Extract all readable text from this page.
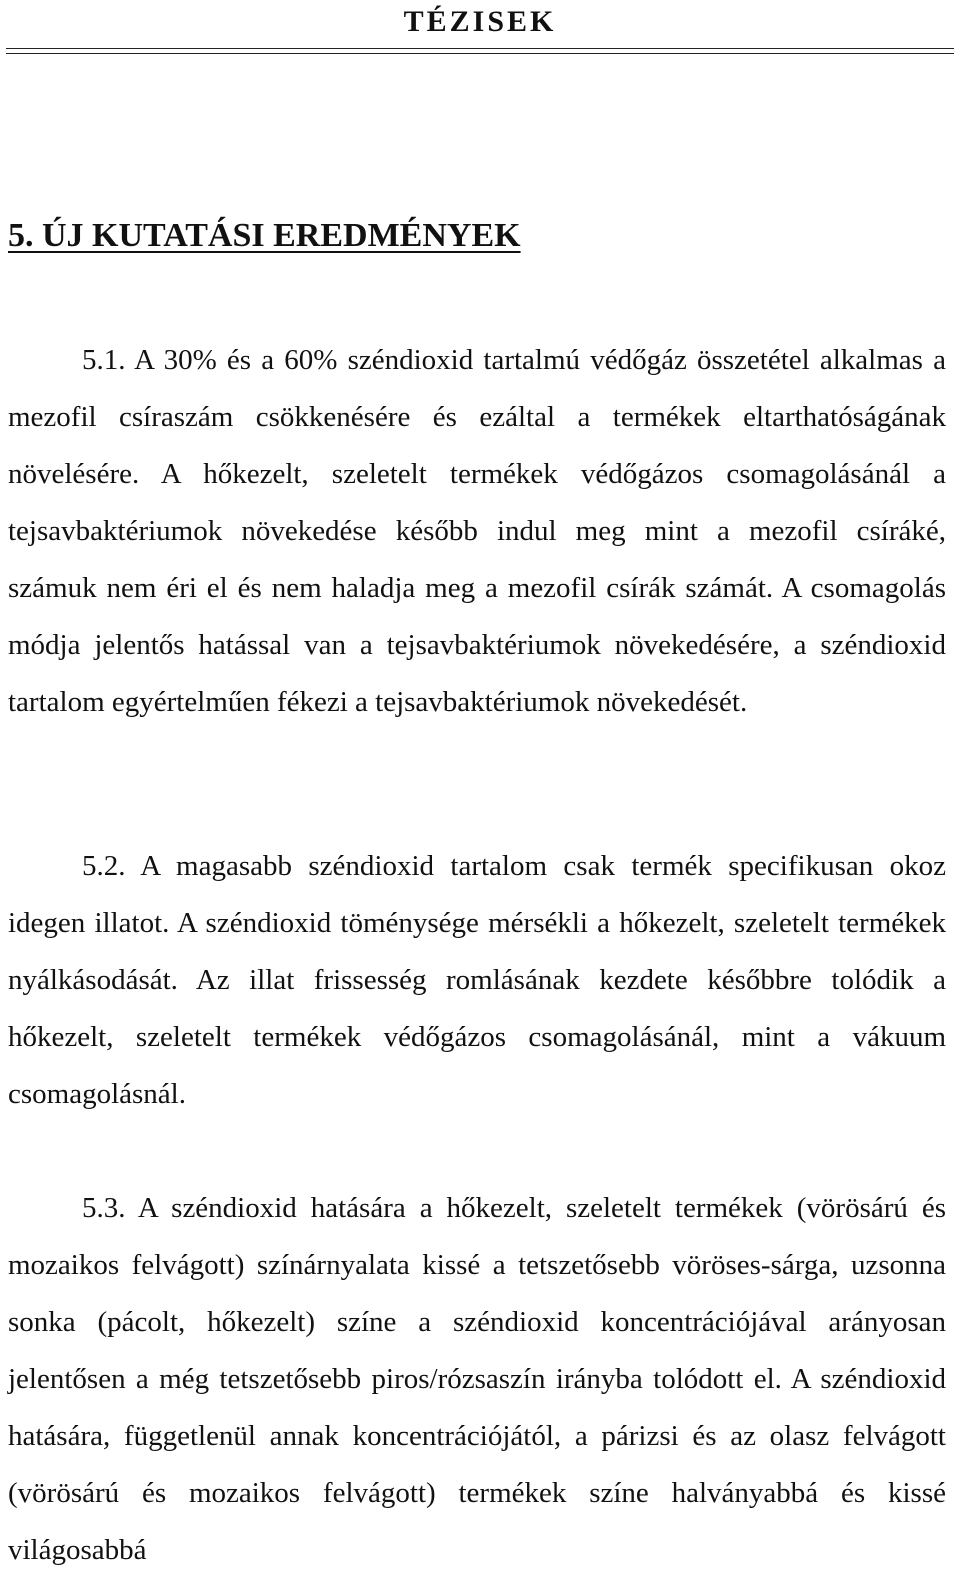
TÉZISEK
5. ÚJ KUTATÁSI EREDMÉNYEK

5.1. A 30% és a 60% széndioxid tartalmú védőgáz összetétel alkalmas a mezofil csíraszám csökkenésére és ezáltal a termékek eltarthatóságának növelésére. A hőkezelt, szeletelt termékek védőgázos csomagolásánál a tejsavbaktériumok növekedése később indul meg mint a mezofil csíráké, számuk nem éri el és nem haladja meg a mezofil csírák számát. A csomagolás módja jelentős hatással van a tejsavbaktériumok növekedésére, a széndioxid tartalom egyértelműen fékezi a tejsavbaktériumok növekedését.

5.2. A magasabb széndioxid tartalom csak termék specifikusan okoz idegen illatot. A széndioxid töménysége mérsékli a hőkezelt, szeletelt termékek nyálkásodását. Az illat frissesség romlásának kezdete későbbre tolódik a hőkezelt, szeletelt termékek védőgázos csomagolásánál, mint a vákuum csomagolásnál.

5.3. A széndioxid hatására a hőkezelt, szeletelt termékek (vörösárú és mozaikos felvágott) színárnyalata kissé a tetszetősebb vöröses-sárga, uzsonna sonka (pácolt, hőkezelt) színe a széndioxid koncentrációjával arányosan jelentősen a még tetszetősebb piros/rózsaszín irányba tolódott el. A széndioxid hatására, függetlenül annak koncentrációjától, a párizsi és az olasz felvágott (vörösárú és mozaikos felvágott) termékek színe halványabbá és kissé világosabbá
